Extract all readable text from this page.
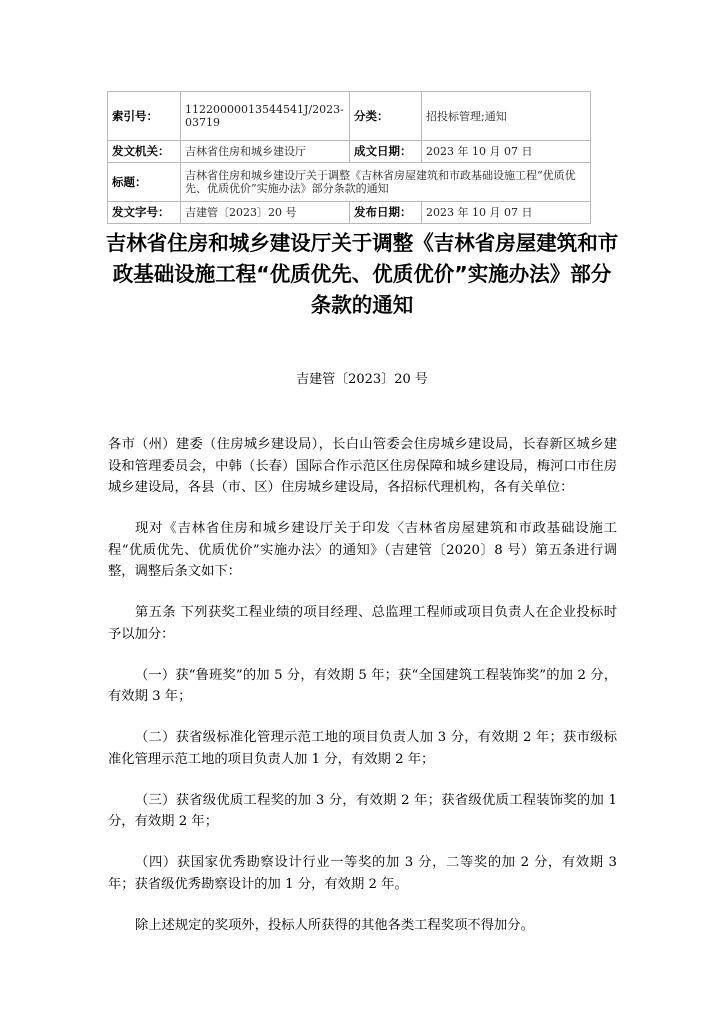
索引号：	11220000013544541J/2023-03719	分类：	招投标管理;通知
发文机关：	吉林省住房和城乡建设厅	成文日期：	2023 年 10 月 07 日
标题：	吉林省住房和城乡建设厅关于调整《吉林省房屋建筑和市政基础设施工程“优质优先、优质优价”实施办法》部分条款的通知		
发文字号：	吉建管〔2023〕20 号	发布日期：	2023 年 10 月 07 日
吉林省住房和城乡建设厅关于调整《吉林省房屋建筑和市政基础设施工程“优质优先、优质优价”实施办法》部分条款的通知
吉建管〔2023〕20 号

各市（州）建委（住房城乡建设局），长白山管委会住房城乡建设局，长春新区城乡建设和管理委员会，中韩（长春）国际合作示范区住房保障和城乡建设局，梅河口市住房城乡建设局，各县（市、区）住房城乡建设局，各招标代理机构，各有关单位：

现对《吉林省住房和城乡建设厅关于印发〈吉林省房屋建筑和市政基础设施工程“优质优先、优质优价”实施办法〉的通知》（吉建管〔2020〕8 号）第五条进行调整，调整后条文如下：

第五条 下列获奖工程业绩的项目经理、总监理工程师或项目负责人在企业投标时予以加分：

（一）获“鲁班奖”的加 5 分，有效期 5 年；获“全国建筑工程装饰奖”的加 2 分，有效期 3 年；

（二）获省级标准化管理示范工地的项目负责人加 3 分，有效期 2 年；获市级标准化管理示范工地的项目负责人加 1 分，有效期 2 年；

（三）获省级优质工程奖的加 3 分，有效期 2 年；获省级优质工程装饰奖的加 1 分，有效期 2 年；

（四）获国家优秀勘察设计行业一等奖的加 3 分，二等奖的加 2 分，有效期 3 年；获省级优秀勘察设计的加 1 分，有效期 2 年。

除上述规定的奖项外，投标人所获得的其他各类工程奖项不得加分。
